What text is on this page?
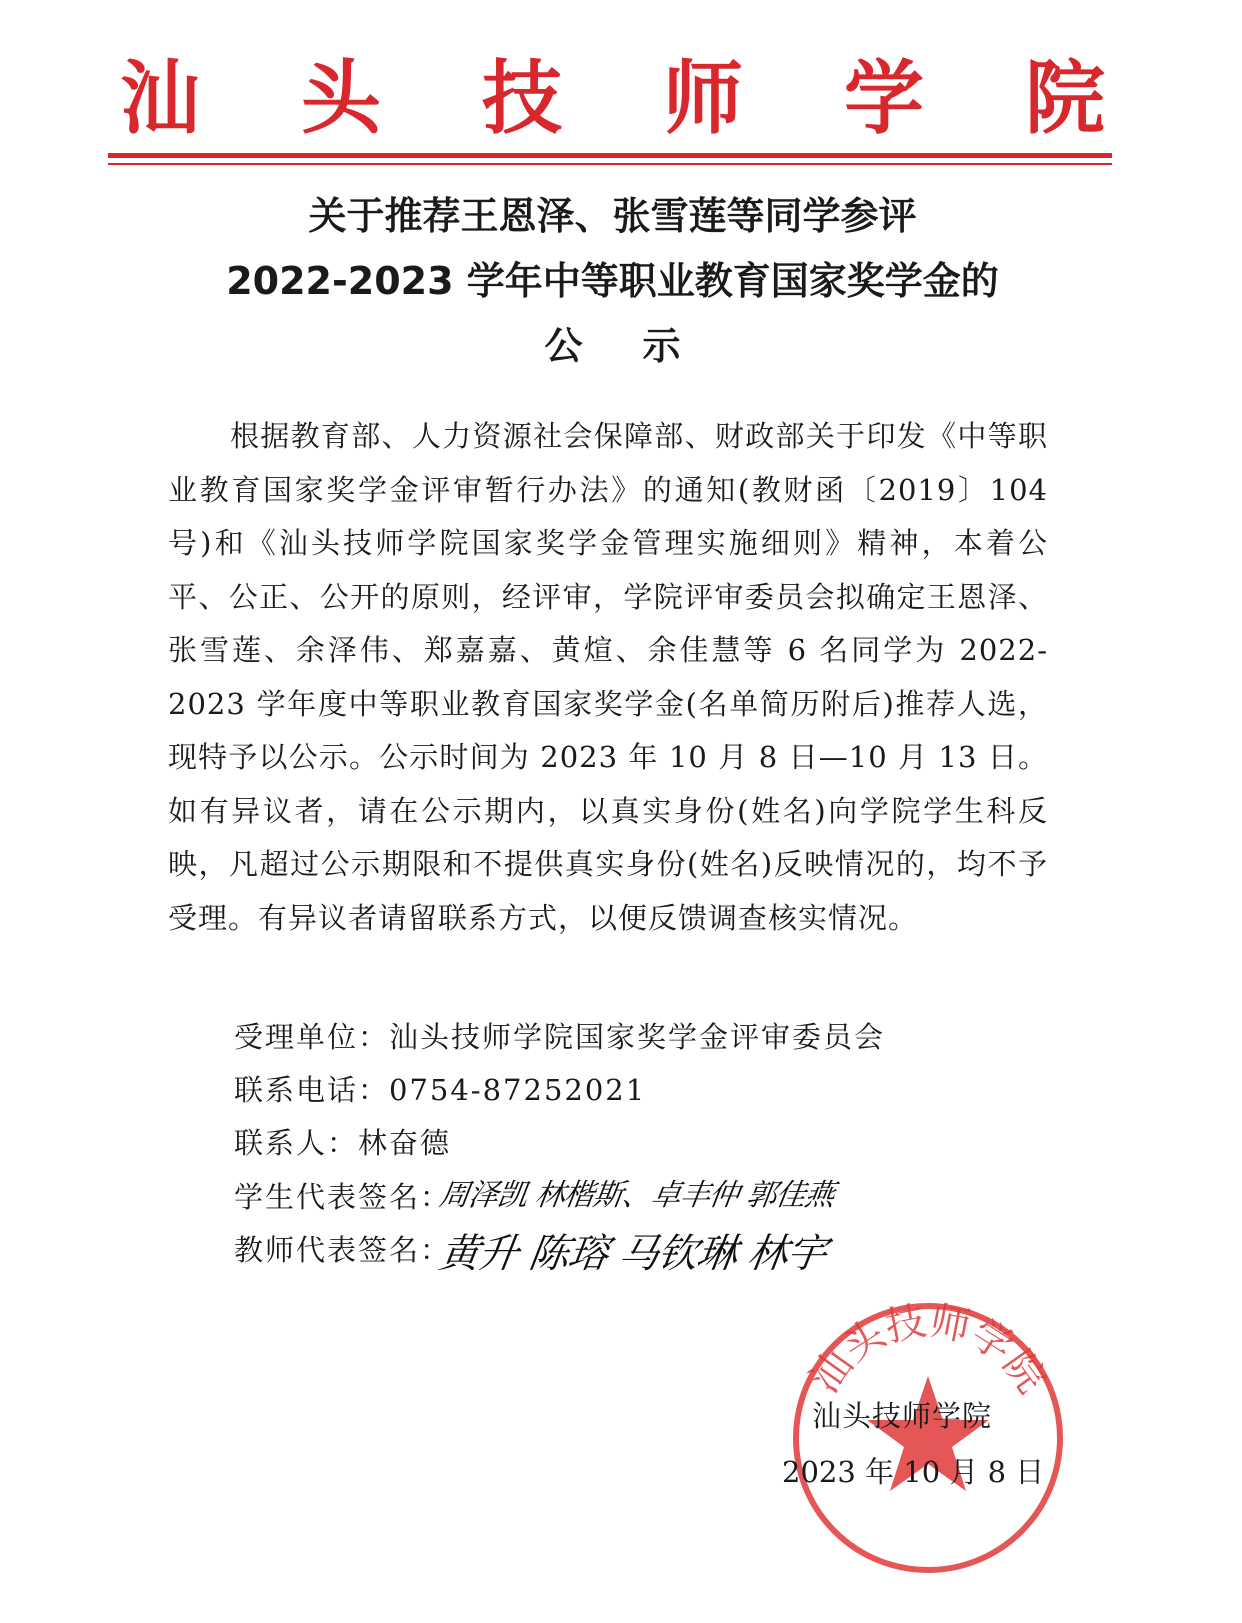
汕 头 技 师 学 院
关于推荐王恩泽、张雪莲等同学参评
2022-2023 学年中等职业教育国家奖学金的
公示
根据教育部、人力资源社会保障部、财政部关于印发《中等职业教育国家奖学金评审暂行办法》的通知(教财函〔2019〕104 号)和《汕头技师学院国家奖学金管理实施细则》精神，本着公平、公正、公开的原则，经评审，学院评审委员会拟确定王恩泽、张雪莲、余泽伟、郑嘉嘉、黄煊、余佳慧等 6 名同学为 2022-2023 学年度中等职业教育国家奖学金(名单简历附后)推荐人选，现特予以公示。公示时间为 2023 年 10 月 8 日—10 月 13 日。如有异议者，请在公示期内，以真实身份(姓名)向学院学生科反映，凡超过公示期限和不提供真实身份(姓名)反映情况的，均不予受理。有异议者请留联系方式，以便反馈调查核实情况。
受理单位：汕头技师学院国家奖学金评审委员会
联系电话：0754-87252021
联系人：林奋德
学生代表签名：
教师代表签名：
周泽凯 林楷斯、卓丰仲 郭佳燕
黄升 陈瑢 马钦琳 林宇
汕头技师学院
汕头技师学院
2023 年 10 月 8 日
